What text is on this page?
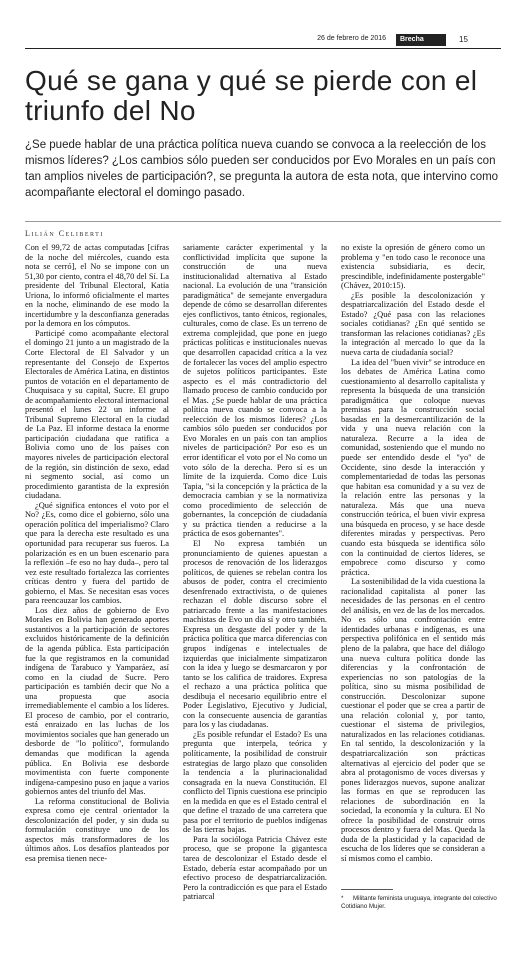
26 de febrero de 2016	Brecha	15
Qué se gana y qué se pierde con el triunfo del No

¿Se puede hablar de una práctica política nueva cuando se convoca a la reelección de los mismos líderes? ¿Los cambios sólo pueden ser conducidos por Evo Morales en un país con tan amplios niveles de participación?, se pregunta la autora de esta nota, que intervino como acompañante electoral el domingo pasado.

Lilián Celiberti

Con el 99,72 de actas computadas [cifras de la noche del miércoles, cuando esta nota se cerró], el No se impone con un 51,30 por ciento, contra el 48,70 del Sí. La presidente del Tribunal Electoral, Katia Uriona, lo informó oficialmente el martes en la noche, eliminando de ese modo la incertidumbre y la desconfianza generadas por la demora en los cómputos.

Participé como acompañante electoral el domingo 21 junto a un magistrado de la Corte Electoral de El Salvador y un representante del Consejo de Expertos Electorales de América Latina, en distintos puntos de votación en el departamento de Chuquisaca y su capital, Sucre. El grupo de acompañamiento electoral internacional presentó el lunes 22 un informe al Tribunal Supremo Electoral en la ciudad de La Paz. El informe destaca la enorme participación ciudadana que ratifica a Bolivia como uno de los países con mayores niveles de participación electoral de la región, sin distinción de sexo, edad ni segmento social, así como un procedimiento garantista de la expresión ciudadana.

¿Qué significa entonces el voto por el No? ¿Es, como dice el gobierno, sólo una operación política del imperialismo? Claro que para la derecha este resultado es una oportunidad para recuperar sus fueros. La polarización es en un buen escenario para la reflexión –fe eso no hay duda–, pero tal vez este resultado fortalezca las corrientes críticas dentro y fuera del partido de gobierno, el Mas. Se necesitan esas voces para reencauzar los cambios.

Los diez años de gobierno de Evo Morales en Bolivia han generado aportes sustantivos a la participación de sectores excluidos históricamente de la definición de la agenda pública. Esta participación fue la que registramos en la comunidad indígena de Tarabuco y Yamparáez, así como en la ciudad de Sucre. Pero participación es también decir que No a una propuesta que asocia irremediablemente el cambio a los líderes. El proceso de cambio, por el contrario, está enraizado en las luchas de los movimientos sociales que han generado un desborde de "lo político", formulando demandas que modifican la agenda pública. En Bolivia ese desborde movimentista con fuerte componente indígena-campesino puso en jaque a varios gobiernos antes del triunfo del Mas.

La reforma constitucional de Bolivia expresa como eje central orientador la descolonización del poder, y sin duda su formulación constituye uno de los aspectos más transformadores de los últimos años. Los desafíos planteados por esa premisa tienen nece-

sariamente carácter experimental y la conflictividad implícita que supone la construcción de una nueva institucionalidad alternativa al Estado nacional. La evolución de una "transición paradigmática" de semejante envergadura depende de cómo se desarrollan diferentes ejes conflictivos, tanto étnicos, regionales, culturales, como de clase. Es un terreno de extrema complejidad, que pone en juego prácticas políticas e institucionales nuevas que desarrollen capacidad crítica a la vez de fortalecer las voces del amplio espectro de sujetos políticos participantes. Este aspecto es el más contradictorio del llamado proceso de cambio conducido por el Mas. ¿Se puede hablar de una práctica política nueva cuando se convoca a la reelección de los mismos líderes? ¿Los cambios sólo pueden ser conducidos por Evo Morales en un país con tan amplios niveles de participación? Por eso es un error identificar el voto por el No como un voto sólo de la derecha. Pero sí es un límite de la izquierda. Como dice Luis Tapia, "si la concepción y la práctica de la democracia cambian y se la normativiza como procedimiento de selección de gobernantes, la concepción de ciudadanía y su práctica tienden a reducirse a la práctica de esos gobernantes".

El No expresa también un pronunciamiento de quienes apuestan a procesos de renovación de los liderazgos políticos, de quienes se rebelan contra los abusos de poder, contra el crecimiento desenfrenado extractivista, o de quienes rechazan el doble discurso sobre el patriarcado frente a las manifestaciones machistas de Evo un día sí y otro también. Expresa un desgaste del poder y de la práctica política que marca diferencias con grupos indígenas e intelectuales de izquierdas que inicialmente simpatizaron con la idea y luego se desmarcaron y por tanto se los califica de traidores. Expresa el rechazo a una práctica política que desdibuja el necesario equilibrio entre el Poder Legislativo, Ejecutivo y Judicial, con la consecuente ausencia de garantías para los y las ciudadanas.

¿Es posible refundar el Estado? Es una pregunta que interpela, teórica y políticamente, la posibilidad de construir estrategias de largo plazo que consoliden la tendencia a la plurinacionalidad consagrada en la nueva Constitución. El conflicto del Tipnis cuestiona ese principio en la medida en que es el Estado central el que define el trazado de una carretera que pasa por el territorio de pueblos indígenas de las tierras bajas.

Para la socióloga Patricia Chávez este proceso, que se propone la gigantesca tarea de descolonizar el Estado desde el Estado, debería estar acompañado por un efectivo proceso de despatriarcalización. Pero la contradicción es que para el Estado patriarcal

no existe la opresión de género como un problema y "en todo caso le reconoce una existencia subsidiaria, es decir, prescindible, indefinidamente postergable" (Chávez, 2010:15).

¿Es posible la descolonización y despatriarcalización del Estado desde el Estado? ¿Qué pasa con las relaciones sociales cotidianas? ¿En qué sentido se transforman las relaciones cotidianas? ¿Es la integración al mercado lo que da la nueva carta de ciudadanía social?

La idea del "buen vivir" se introduce en los debates de América Latina como cuestionamiento al desarrollo capitalista y representa la búsqueda de una transición paradigmática que coloque nuevas premisas para la construcción social basadas en la desmercantilización de la vida y una nueva relación con la naturaleza. Recurre a la idea de comunidad, sosteniendo que el mundo no puede ser entendido desde el "yo" de Occidente, sino desde la interacción y complementariedad de todas las personas que habitan esa comunidad y a su vez de la relación entre las personas y la naturaleza. Más que una nueva construcción teórica, el buen vivir expresa una búsqueda en proceso, y se hace desde diferentes miradas y perspectivas. Pero cuando esta búsqueda se identifica sólo con la continuidad de ciertos líderes, se empobrece como discurso y como práctica.

La sostenibilidad de la vida cuestiona la racionalidad capitalista al poner las necesidades de las personas en el centro del análisis, en vez de las de los mercados. No es sólo una confrontación entre identidades urbanas e indígenas, es una perspectiva polifónica en el sentido más pleno de la palabra, que hace del diálogo una nueva cultura política donde las diferencias y la confrontación de experiencias no son patologías de la política, sino su misma posibilidad de construcción. Descolonizar supone cuestionar el poder que se crea a partir de una relación colonial y, por tanto, cuestionar el sistema de privilegios, naturalizados en las relaciones cotidianas. En tal sentido, la descolonización y la despatriarcalización son prácticas alternativas al ejercicio del poder que se abra al protagonismo de voces diversas y pones liderazgos nuevos, supone analizar las formas en que se reproducen las relaciones de subordinación en la sociedad, la economía y la cultura. El No ofrece la posibilidad de construir otros procesos dentro y fuera del Mas. Queda la duda de la plasticidad y la capacidad de escucha de los líderes que se consideran a sí mismos como el cambio.

* Militante feminista uruguaya, integrante del colectivo Cotidiano Mujer.
